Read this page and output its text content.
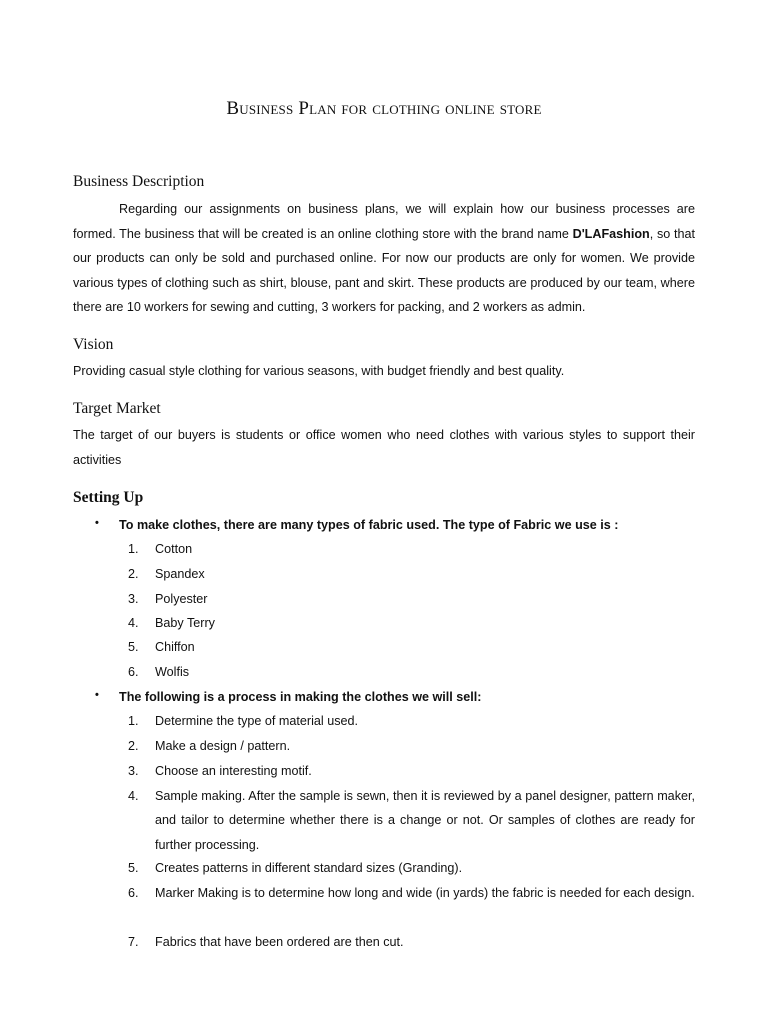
Business Plan for clothing online store
Business Description

Regarding our assignments on business plans, we will explain how our business processes are formed. The business that will be created is an online clothing store with the brand name D'LAFashion, so that our products can only be sold and purchased online. For now our products are only for women. We provide various types of clothing such as shirt, blouse, pant and skirt. These products are produced by our team, where there are 10 workers for sewing and cutting, 3 workers for packing, and 2 workers as admin.

Vision

Providing casual style clothing for various seasons, with budget friendly and best quality.

Target Market

The target of our buyers is students or office women who need clothes with various styles to support their activities

Setting Up
• To make clothes, there are many types of fabric used. The type of Fabric we use is :
1. Cotton
2. Spandex
3. Polyester
4. Baby Terry
5. Chiffon
6. Wolfis
• The following is a process in making the clothes we will sell:
1. Determine the type of material used.
2. Make a design / pattern.
3. Choose an interesting motif.
4. Sample making. After the sample is sewn, then it is reviewed by a panel designer, pattern maker, and tailor to determine whether there is a change or not. Or samples of clothes are ready for further processing.
5. Creates patterns in different standard sizes (Granding).
6. Marker Making is to determine how long and wide (in yards) the fabric is needed for each design.
7. Fabrics that have been ordered are then cut.
